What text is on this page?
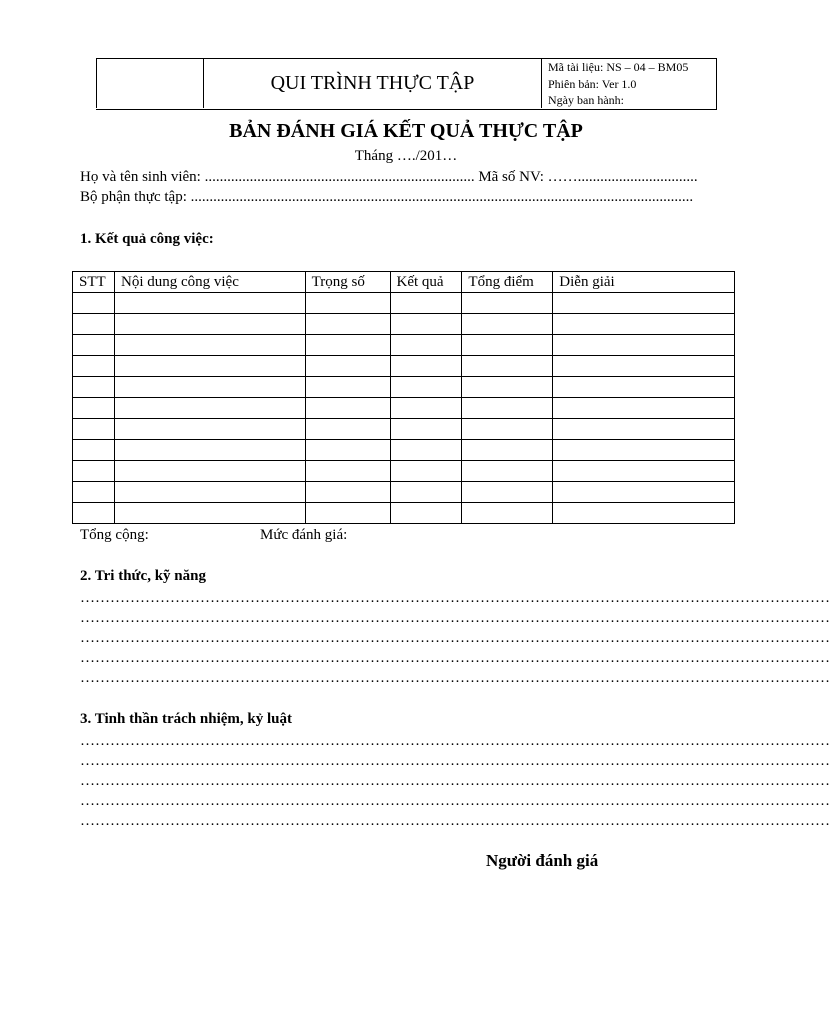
QUI TRÌNH THỰC TẬP
Mã tài liệu: NS – 04 – BM05
Phiên bản: Ver 1.0
Ngày ban hành:
BẢN ĐÁNH GIÁ KẾT QUẢ THỰC TẬP
Tháng …./201…
Họ và tên sinh viên: ........................................................................ Mã số NV: ……................................
Bộ phận thực tập: ......................................................................................................................................
1. Kết quả công việc:
STT	Nội dung công việc	Trọng số	Kết quả	Tổng điểm	Diễn giải

Tổng cộng:	Mức đánh giá:
2. Tri thức, kỹ năng
……………………………………………………………………………………………………………………………………
……………………………………………………………………………………………………………………………………
……………………………………………………………………………………………………………………………………
……………………………………………………………………………………………………………………………………
……………………………………………………………………………………………………………………………………
3. Tinh thần trách nhiệm, kỷ luật
……………………………………………………………………………………………………………………………………
……………………………………………………………………………………………………………………………………
……………………………………………………………………………………………………………………………………
……………………………………………………………………………………………………………………………………
……………………………………………………………………………………………………………………………………
Người đánh giá
